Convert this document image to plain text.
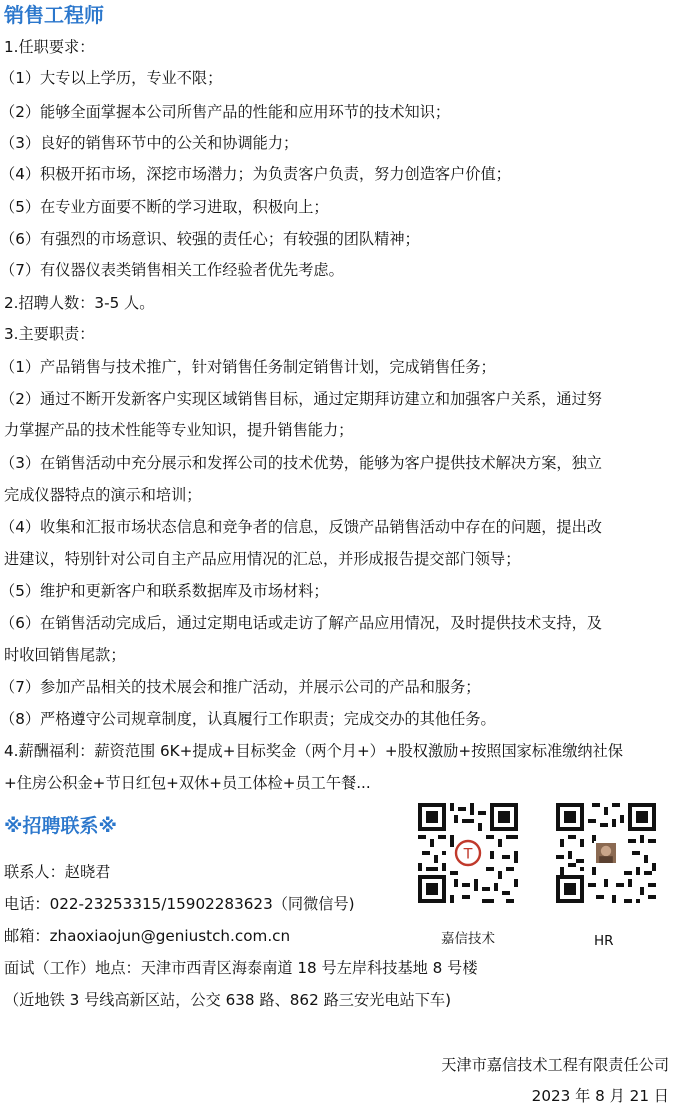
销售工程师
1.任职要求：
（1）大专以上学历，专业不限；
（2）能够全面掌握本公司所售产品的性能和应用环节的技术知识；
（3）良好的销售环节中的公关和协调能力；
（4）积极开拓市场，深挖市场潜力；为负责客户负责，努力创造客户价值；
（5）在专业方面要不断的学习进取，积极向上；
（6）有强烈的市场意识、较强的责任心；有较强的团队精神；
（7）有仪器仪表类销售相关工作经验者优先考虑。
2.招聘人数：3-5 人。
3.主要职责：
（1）产品销售与技术推广，针对销售任务制定销售计划，完成销售任务；
（2）通过不断开发新客户实现区域销售目标，通过定期拜访建立和加强客户关系，通过努
力掌握产品的技术性能等专业知识，提升销售能力；
（3）在销售活动中充分展示和发挥公司的技术优势，能够为客户提供技术解决方案，独立
完成仪器特点的演示和培训；
（4）收集和汇报市场状态信息和竞争者的信息，反馈产品销售活动中存在的问题，提出改
进建议，特别针对公司自主产品应用情况的汇总，并形成报告提交部门领导；
（5）维护和更新客户和联系数据库及市场材料；
（6）在销售活动完成后，通过定期电话或走访了解产品应用情况，及时提供技术支持，及
时收回销售尾款；
（7）参加产品相关的技术展会和推广活动，并展示公司的产品和服务；
（8）严格遵守公司规章制度，认真履行工作职责；完成交办的其他任务。
4.薪酬福利：薪资范围 6K+提成+目标奖金（两个月+）+股权激励+按照国家标准缴纳社保
+住房公积金+节日红包+双休+员工体检+员工午餐...
※招聘联系※
联系人：赵晓君
电话：022-23253315/15902283623（同微信号)
邮箱：zhaoxiaojun@geniustch.com.cn
面试（工作）地点：天津市西青区海泰南道 18 号左岸科技基地 8 号楼
（近地铁 3 号线高新区站，公交 638 路、862 路三安光电站下车)
T
嘉信技术	HR
天津市嘉信技术工程有限责任公司
2023 年 8 月 21 日
